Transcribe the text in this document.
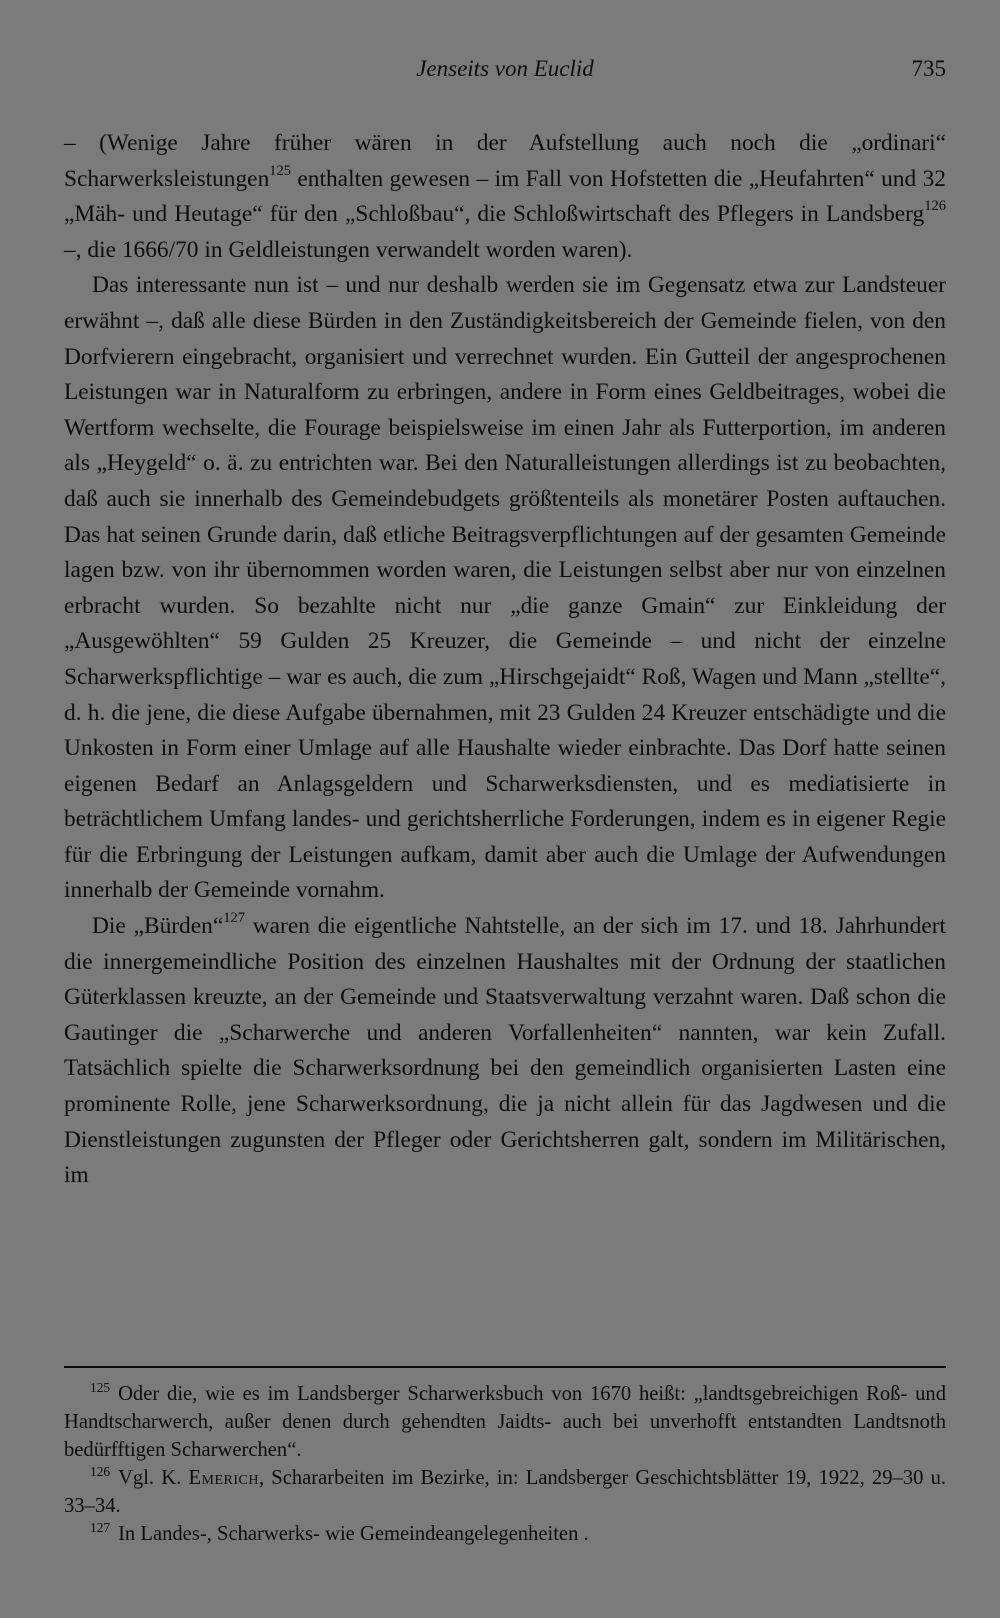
Jenseits von Euclid	735

– (Wenige Jahre früher wären in der Aufstellung auch noch die „ordinari“ Scharwerksleistungen$^{125}$ enthalten gewesen – im Fall von Hofstetten die „Heufahrten“ und 32 „Mäh- und Heutage“ für den „Schloßbau“, die Schloßwirtschaft des Pflegers in Landsberg$^{126}$ –, die 1666/70 in Geldleistungen verwandelt worden waren).

Das interessante nun ist – und nur deshalb werden sie im Gegensatz etwa zur Landsteuer erwähnt –, daß alle diese Bürden in den Zuständigkeitsbereich der Gemeinde fielen, von den Dorfvierern eingebracht, organisiert und verrechnet wurden. Ein Gutteil der angesprochenen Leistungen war in Naturalform zu erbringen, andere in Form eines Geldbeitrages, wobei die Wertform wechselte, die Fourage beispielsweise im einen Jahr als Futterportion, im anderen als „Heygeld“ o. ä. zu entrichten war. Bei den Naturalleistungen allerdings ist zu beobachten, daß auch sie innerhalb des Gemeindebudgets größtenteils als monetärer Posten auftauchen. Das hat seinen Grunde darin, daß etliche Beitragsverpflichtungen auf der gesamten Gemeinde lagen bzw. von ihr übernommen worden waren, die Leistungen selbst aber nur von einzelnen erbracht wurden. So bezahlte nicht nur „die ganze Gmain“ zur Einkleidung der „Ausgewöhlten“ 59 Gulden 25 Kreuzer, die Gemeinde – und nicht der einzelne Scharwerkspflichtige – war es auch, die zum „Hirschgejaidt“ Roß, Wagen und Mann „stellte“, d. h. die jene, die diese Aufgabe übernahmen, mit 23 Gulden 24 Kreuzer entschädigte und die Unkosten in Form einer Umlage auf alle Haushalte wieder einbrachte. Das Dorf hatte seinen eigenen Bedarf an Anlagsgeldern und Scharwerksdiensten, und es mediatisierte in beträchtlichem Umfang landes- und gerichtsherrliche Forderungen, indem es in eigener Regie für die Erbringung der Leistungen aufkam, damit aber auch die Umlage der Aufwendungen innerhalb der Gemeinde vornahm.

Die „Bürden“$^{127}$ waren die eigentliche Nahtstelle, an der sich im 17. und 18. Jahrhundert die innergemeindliche Position des einzelnen Haushaltes mit der Ordnung der staatlichen Güterklassen kreuzte, an der Gemeinde und Staatsverwaltung verzahnt waren. Daß schon die Gautinger die „Scharwerche und anderen Vorfallenheiten“ nannten, war kein Zufall. Tatsächlich spielte die Scharwerksordnung bei den gemeindlich organisierten Lasten eine prominente Rolle, jene Scharwerksordnung, die ja nicht allein für das Jagdwesen und die Dienstleistungen zugunsten der Pfleger oder Gerichtsherren galt, sondern im Militärischen, im

$^{125}$ Oder die, wie es im Landsberger Scharwerksbuch von 1670 heißt: „landtsgebreichigen Roß- und Handtscharwerch, außer denen durch gehendten Jaidts- auch bei unverhofft entstandten Landtsnoth bedürfftigen Scharwerchen“.

$^{126}$ Vgl. K. Emerich, Schararbeiten im Bezirke, in: Landsberger Geschichtsblätter 19, 1922, 29–30 u. 33–34.

$^{127}$ In Landes-, Scharwerks- wie Gemeindeangelegenheiten .
